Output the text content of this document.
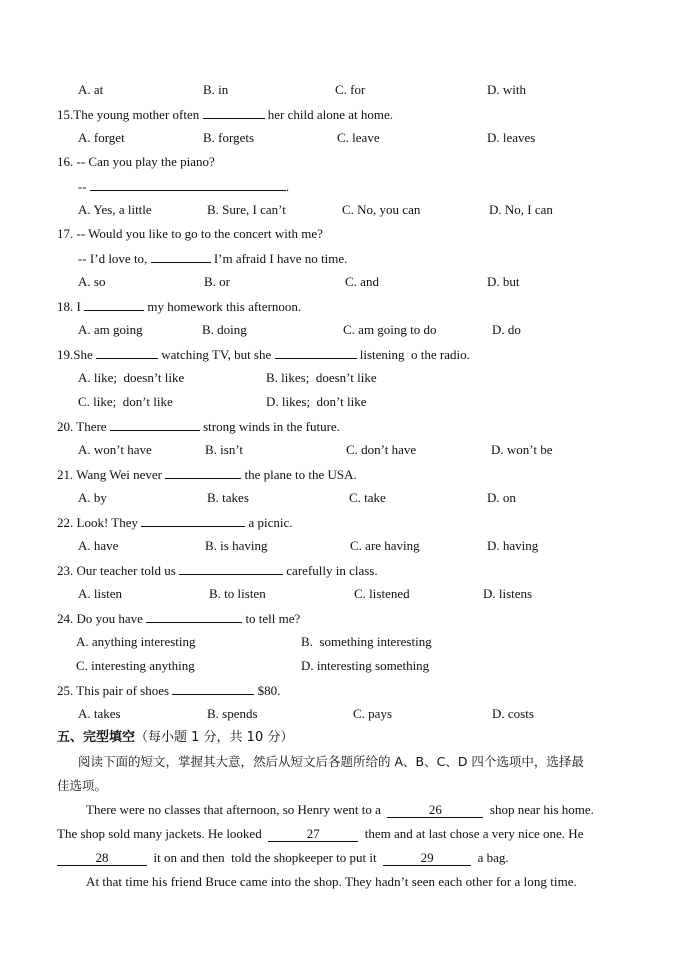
A. at	B. in	C. for	D. with
15.The young mother often	her child alone at home.
A. forget	B. forgets	C. leave	D. leaves
16. -- Can you play the piano?
--	.
A. Yes, a little	B. Sure, I can’t	C. No, you can	D. No, I can
17. -- Would you like to go to the concert with me?
-- I’d love to,	I’m afraid I have no time.
A. so	B. or	C. and	D. but
18. I	my homework this afternoon.
A. am going	B. doing	C. am going to do	D. do
19.She	watching TV, but she	listening  o the radio.
A. like;  doesn’t like	B. likes;  doesn’t like
C. like;  don’t like	D. likes;  don’t like
20. There	strong winds in the future.
A. won’t have	B. isn’t	C. don’t have	D. won’t be
21. Wang Wei never	the plane to the USA.
A. by	B. takes	C. take	D. on
22. Look! They	a picnic.
A. have	B. is having	C. are having	D. having
23. Our teacher told us	carefully in class.
A. listen	B. to listen	C. listened	D. listens
24. Do you have	to tell me?
A. anything interesting	B.  something interesting
C. interesting anything	D. interesting something
25. This pair of shoes	$80.
A. takes	B. spends	C. pays	D. costs
五、完型填空（每小题 1 分，共 10 分）
阅读下面的短文，掌握其大意，然后从短文后各题所给的 A、B、C、D 四个选项中，选择最
佳选项。
There were no classes that afternoon, so Henry went to a	26	shop near his home.
The shop sold many jackets. He looked	27	them and at last chose a very nice one. He
28	it on and then  told the shopkeeper to put it	29	a bag.
At that time his friend Bruce came into the shop. They hadn’t seen each other for a long time.
